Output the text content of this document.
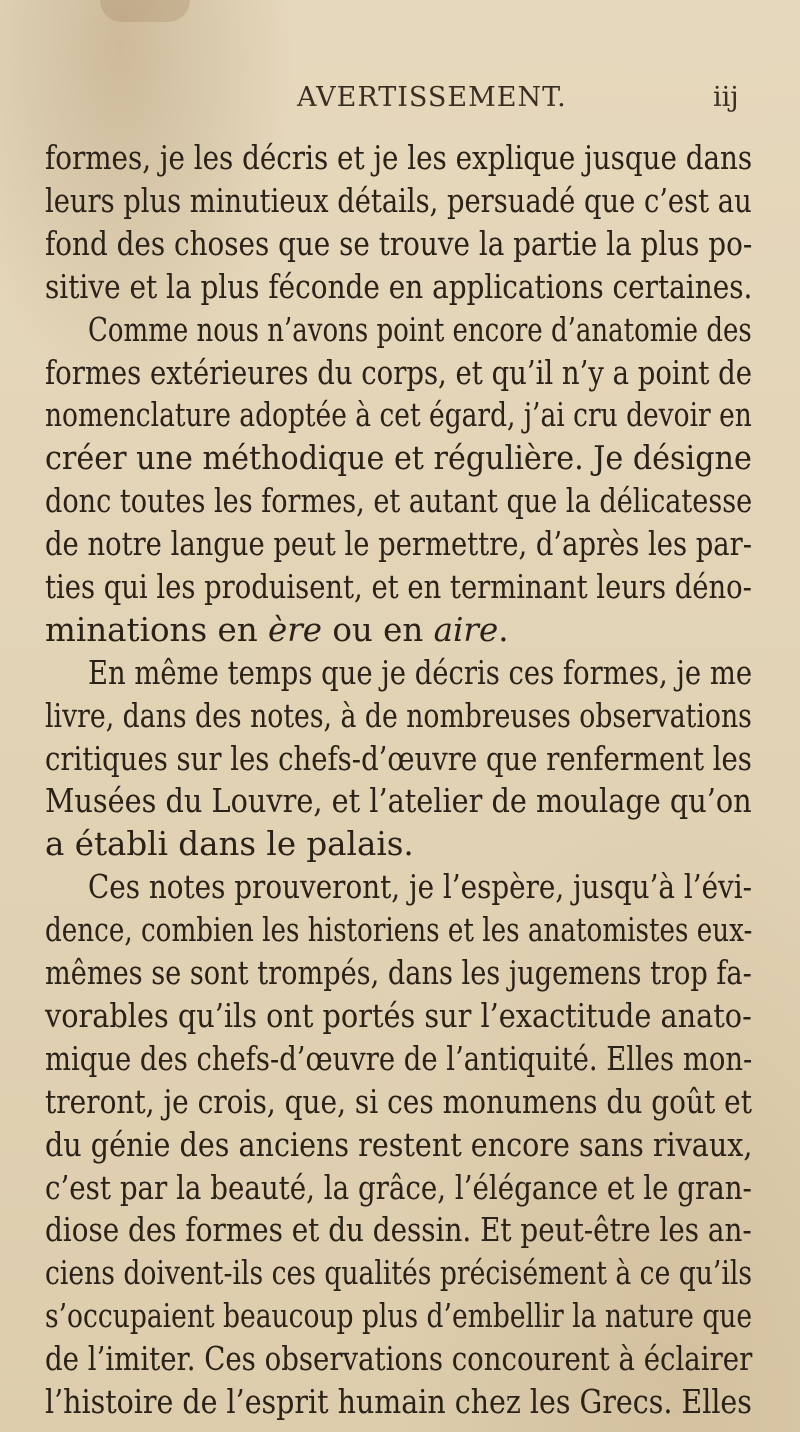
AVERTISSEMENT.	iij
formes, je les décris et je les explique jusque dans
leurs plus minutieux détails, persuadé que c’est au
fond des choses que se trouve la partie la plus po-
sitive et la plus féconde en applications certaines.
Comme nous n’avons point encore d’anatomie des
formes extérieures du corps, et qu’il n’y a point de
nomenclature adoptée à cet égard, j’ai cru devoir en
créer une méthodique et régulière. Je désigne
donc toutes les formes, et autant que la délicatesse
de notre langue peut le permettre, d’après les par-
ties qui les produisent, et en terminant leurs déno-
minations en ère ou en aire.
En même temps que je décris ces formes, je me
livre, dans des notes, à de nombreuses observations
critiques sur les chefs-d’œuvre que renferment les
Musées du Louvre, et l’atelier de moulage qu’on
a établi dans le palais.
Ces notes prouveront, je l’espère, jusqu’à l’évi-
dence, combien les historiens et les anatomistes eux-
mêmes se sont trompés, dans les jugemens trop fa-
vorables qu’ils ont portés sur l’exactitude anato-
mique des chefs-d’œuvre de l’antiquité. Elles mon-
treront, je crois, que, si ces monumens du goût et
du génie des anciens restent encore sans rivaux,
c’est par la beauté, la grâce, l’élégance et le gran-
diose des formes et du dessin. Et peut-être les an-
ciens doivent-ils ces qualités précisément à ce qu’ils
s’occupaient beaucoup plus d’embellir la nature que
de l’imiter. Ces observations concourent à éclairer
l’histoire de l’esprit humain chez les Grecs. Elles
